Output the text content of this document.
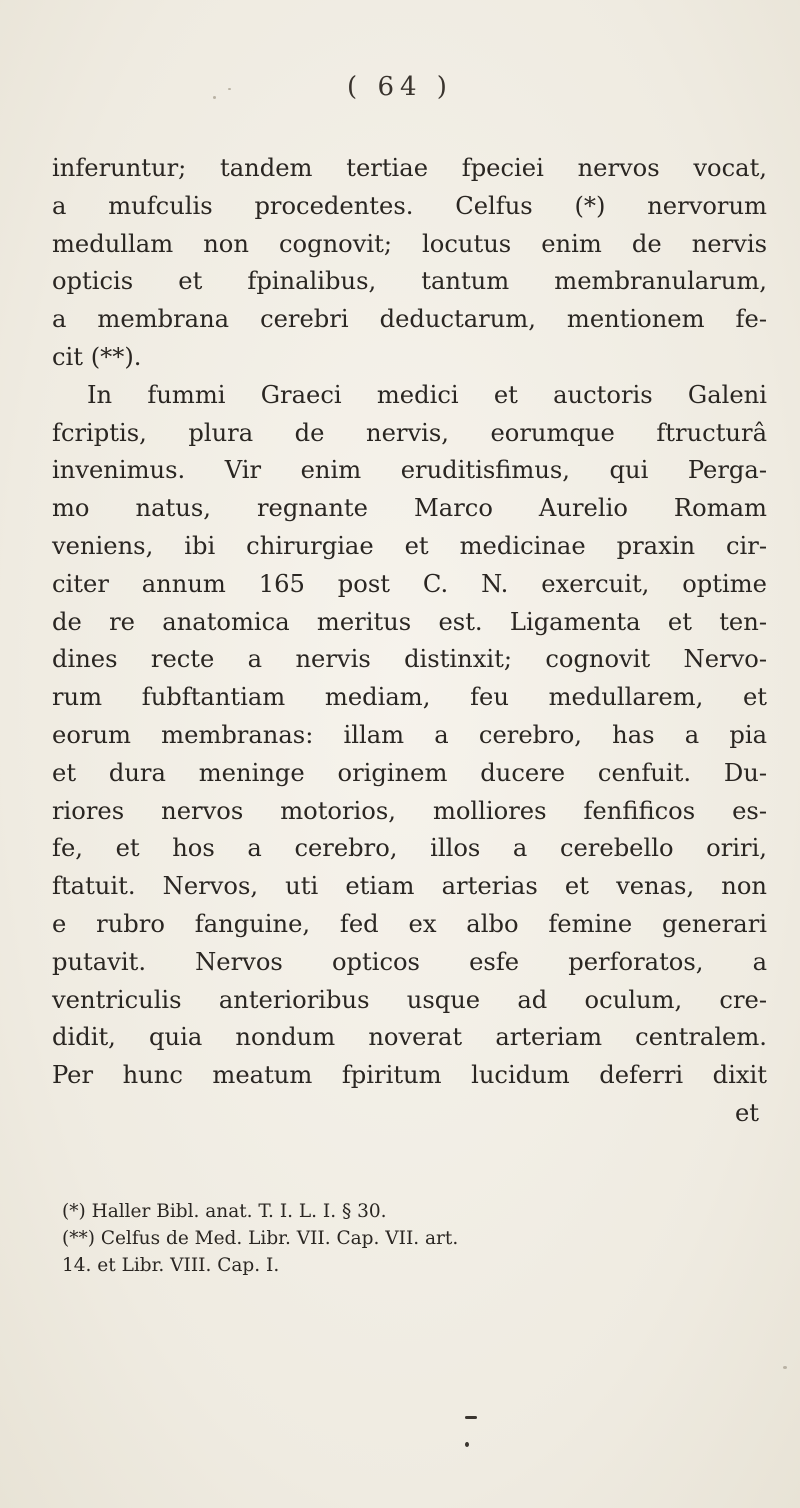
( 64 )
inferuntur; tandem tertiae fpeciei nervos vocat,
a mufculis procedentes. Celfus (*) nervorum
medullam non cognovit; locutus enim de nervis
opticis et fpinalibus, tantum membranularum,
a membrana cerebri deductarum, mentionem fe-
cit (**).
In fummi Graeci medici et auctoris Galeni
fcriptis, plura de nervis, eorumque ftructurâ
invenimus. Vir enim eruditisfimus, qui Perga-
mo natus, regnante Marco Aurelio Romam
veniens, ibi chirurgiae et medicinae praxin cir-
citer annum 165 post C. N. exercuit, optime
de re anatomica meritus est. Ligamenta et ten-
dines recte a nervis distinxit; cognovit Nervo-
rum fubftantiam mediam, feu medullarem, et
eorum membranas: illam a cerebro, has a pia
et dura meninge originem ducere cenfuit. Du-
riores nervos motorios, molliores fenfificos es-
fe, et hos a cerebro, illos a cerebello oriri,
ftatuit. Nervos, uti etiam arterias et venas, non
e rubro fanguine, fed ex albo femine generari
putavit. Nervos opticos esfe perforatos, a
ventriculis anterioribus usque ad oculum, cre-
didit, quia nondum noverat arteriam centralem.
Per hunc meatum fpiritum lucidum deferri dixit
et
(*) Haller Bibl. anat. T. I. L. I. § 30.
(**) Celfus de Med. Libr. VII. Cap. VII. art.
14. et Libr. VIII. Cap. I.
